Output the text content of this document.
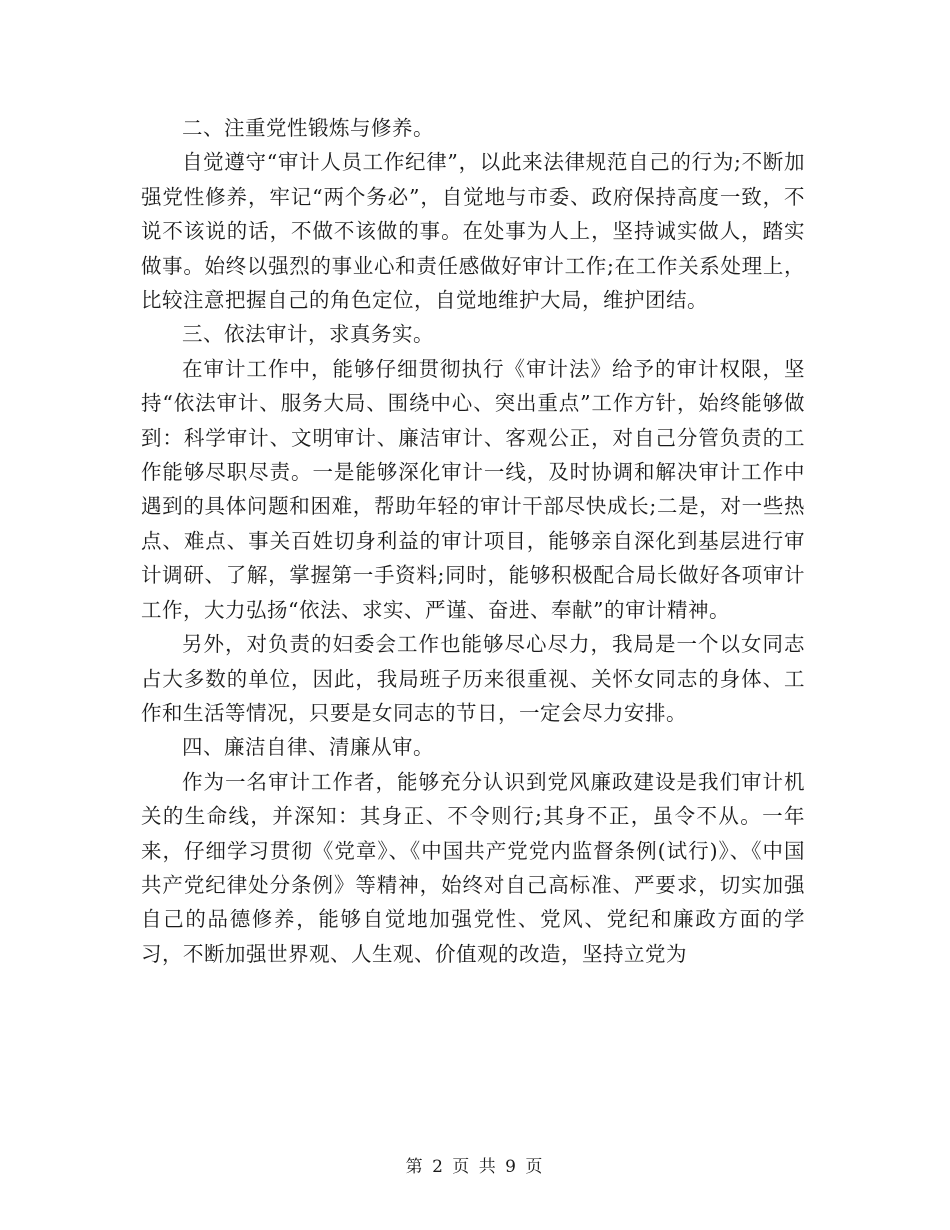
二、注重党性锻炼与修养。

自觉遵守“审计人员工作纪律”，以此来法律规范自己的行为;不断加强党性修养，牢记“两个务必”，自觉地与市委、政府保持高度一致，不说不该说的话，不做不该做的事。在处事为人上，坚持诚实做人，踏实做事。始终以强烈的事业心和责任感做好审计工作;在工作关系处理上，比较注意把握自己的角色定位，自觉地维护大局，维护团结。

三、依法审计，求真务实。

在审计工作中，能够仔细贯彻执行《审计法》给予的审计权限，坚持“依法审计、服务大局、围绕中心、突出重点”工作方针，始终能够做到：科学审计、文明审计、廉洁审计、客观公正，对自己分管负责的工作能够尽职尽责。一是能够深化审计一线，及时协调和解决审计工作中遇到的具体问题和困难，帮助年轻的审计干部尽快成长;二是，对一些热点、难点、事关百姓切身利益的审计项目，能够亲自深化到基层进行审计调研、了解，掌握第一手资料;同时，能够积极配合局长做好各项审计工作，大力弘扬“依法、求实、严谨、奋进、奉献”的审计精神。

另外，对负责的妇委会工作也能够尽心尽力，我局是一个以女同志占大多数的单位，因此，我局班子历来很重视、关怀女同志的身体、工作和生活等情况，只要是女同志的节日，一定会尽力安排。

四、廉洁自律、清廉从审。

作为一名审计工作者，能够充分认识到党风廉政建设是我们审计机关的生命线，并深知：其身正、不令则行;其身不正，虽令不从。一年来，仔细学习贯彻《党章》、《中国共产党党内监督条例(试行)》、《中国共产党纪律处分条例》等精神，始终对自己高标准、严要求，切实加强自己的品德修养，能够自觉地加强党性、党风、党纪和廉政方面的学习，不断加强世界观、人生观、价值观的改造，坚持立党为

第 2 页 共 9 页
